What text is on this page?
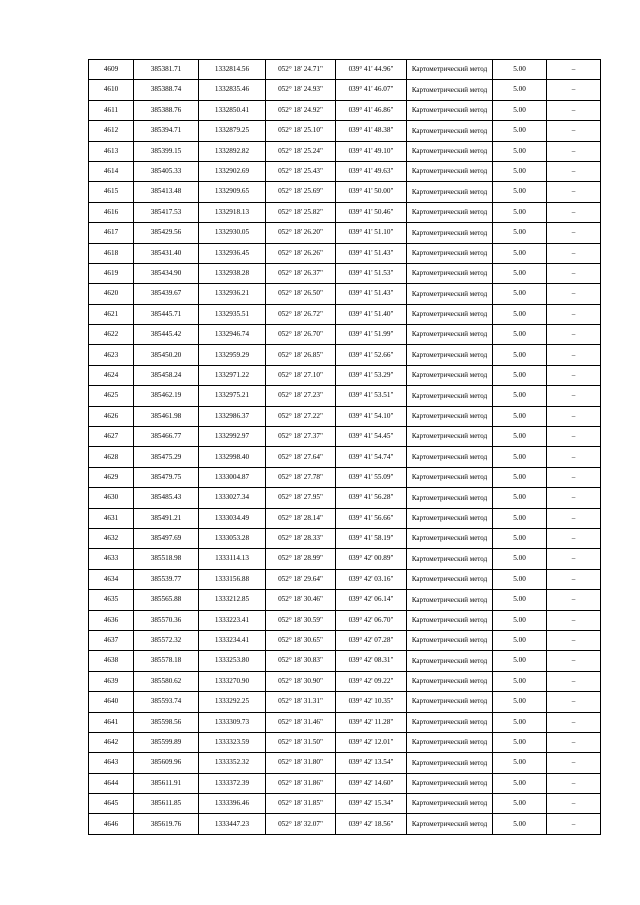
4609	385381.71	1332814.56	052° 18' 24.71"	039° 41' 44.96"	Картометрический метод	5.00	–
4610	385388.74	1332835.46	052° 18' 24.93"	039° 41' 46.07"	Картометрический метод	5.00	–
4611	385388.76	1332850.41	052° 18' 24.92"	039° 41' 46.86"	Картометрический метод	5.00	–
4612	385394.71	1332879.25	052° 18' 25.10"	039° 41' 48.38"	Картометрический метод	5.00	–
4613	385399.15	1332892.82	052° 18' 25.24"	039° 41' 49.10"	Картометрический метод	5.00	–
4614	385405.33	1332902.69	052° 18' 25.43"	039° 41' 49.63"	Картометрический метод	5.00	–
4615	385413.48	1332909.65	052° 18' 25.69"	039° 41' 50.00"	Картометрический метод	5.00	–
4616	385417.53	1332918.13	052° 18' 25.82"	039° 41' 50.46"	Картометрический метод	5.00	–
4617	385429.56	1332930.05	052° 18' 26.20"	039° 41' 51.10"	Картометрический метод	5.00	–
4618	385431.40	1332936.45	052° 18' 26.26"	039° 41' 51.43"	Картометрический метод	5.00	–
4619	385434.90	1332938.28	052° 18' 26.37"	039° 41' 51.53"	Картометрический метод	5.00	–
4620	385439.67	1332936.21	052° 18' 26.50"	039° 41' 51.43"	Картометрический метод	5.00	–
4621	385445.71	1332935.51	052° 18' 26.72"	039° 41' 51.40"	Картометрический метод	5.00	–
4622	385445.42	1332946.74	052° 18' 26.70"	039° 41' 51.99"	Картометрический метод	5.00	–
4623	385450.20	1332959.29	052° 18' 26.85"	039° 41' 52.66"	Картометрический метод	5.00	–
4624	385458.24	1332971.22	052° 18' 27.10"	039° 41' 53.29"	Картометрический метод	5.00	–
4625	385462.19	1332975.21	052° 18' 27.23"	039° 41' 53.51"	Картометрический метод	5.00	–
4626	385461.98	1332986.37	052° 18' 27.22"	039° 41' 54.10"	Картометрический метод	5.00	–
4627	385466.77	1332992.97	052° 18' 27.37"	039° 41' 54.45"	Картометрический метод	5.00	–
4628	385475.29	1332998.40	052° 18' 27.64"	039° 41' 54.74"	Картометрический метод	5.00	–
4629	385479.75	1333004.87	052° 18' 27.78"	039° 41' 55.09"	Картометрический метод	5.00	–
4630	385485.43	1333027.34	052° 18' 27.95"	039° 41' 56.28"	Картометрический метод	5.00	–
4631	385491.21	1333034.49	052° 18' 28.14"	039° 41' 56.66"	Картометрический метод	5.00	–
4632	385497.69	1333053.28	052° 18' 28.33"	039° 41' 58.19"	Картометрический метод	5.00	–
4633	385518.98	1333114.13	052° 18' 28.99"	039° 42' 00.89"	Картометрический метод	5.00	–
4634	385539.77	1333156.88	052° 18' 29.64"	039° 42' 03.16"	Картометрический метод	5.00	–
4635	385565.88	1333212.85	052° 18' 30.46"	039° 42' 06.14"	Картометрический метод	5.00	–
4636	385570.36	1333223.41	052° 18' 30.59"	039° 42' 06.70"	Картометрический метод	5.00	–
4637	385572.32	1333234.41	052° 18' 30.65"	039° 42' 07.28"	Картометрический метод	5.00	–
4638	385578.18	1333253.80	052° 18' 30.83"	039° 42' 08.31"	Картометрический метод	5.00	–
4639	385580.62	1333270.90	052° 18' 30.90"	039° 42' 09.22"	Картометрический метод	5.00	–
4640	385593.74	1333292.25	052° 18' 31.31"	039° 42' 10.35"	Картометрический метод	5.00	–
4641	385598.56	1333309.73	052° 18' 31.46"	039° 42' 11.28"	Картометрический метод	5.00	–
4642	385599.89	1333323.59	052° 18' 31.50"	039° 42' 12.01"	Картометрический метод	5.00	–
4643	385609.96	1333352.32	052° 18' 31.80"	039° 42' 13.54"	Картометрический метод	5.00	–
4644	385611.91	1333372.39	052° 18' 31.86"	039° 42' 14.60"	Картометрический метод	5.00	–
4645	385611.85	1333396.46	052° 18' 31.85"	039° 42' 15.34"	Картометрический метод	5.00	–
4646	385619.76	1333447.23	052° 18' 32.07"	039° 42' 18.56"	Картометрический метод	5.00	–
